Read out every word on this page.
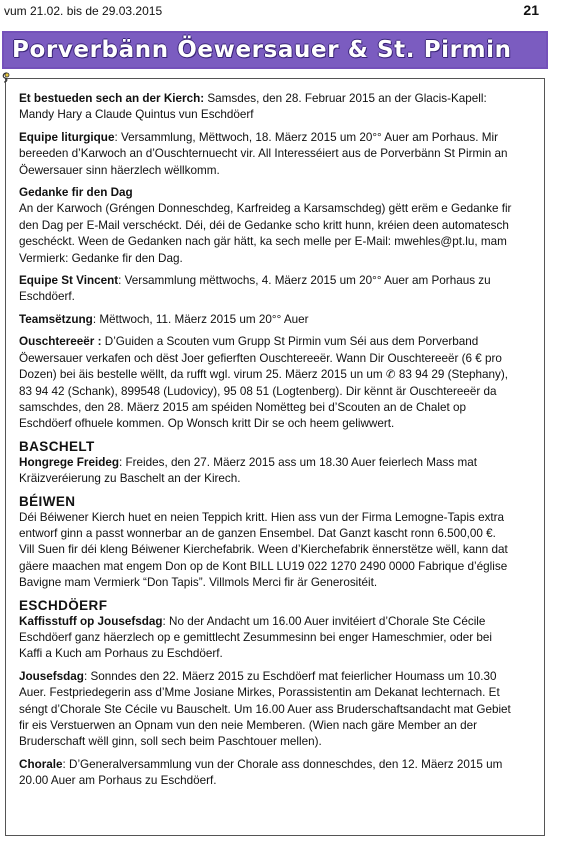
vum 21.02. bis de 29.03.2015	21
Porverbänn Öewersauer & St. Pirmin
Et bestueden sech an der Kierch: Samsdes, den 28. Februar 2015 an der Glacis-Kapell:
Mandy Hary a Claude Quintus vun Eschdöerf
Equipe liturgique: Versammlung, Mëttwoch, 18. Mäerz 2015 um 20°° Auer am Porhaus. Mir
bereeden d’Karwoch an d’Ouschternuecht vir. All Interesséiert aus de Porverbänn St Pirmin an
Öewersauer sinn häerzlech wëllkomm.
Gedanke fir den Dag
An der Karwoch (Gréngen Donneschdeg, Karfreideg a Karsamschdeg) gëtt erëm e Gedanke fir
den Dag per E-Mail verschéckt. Déi, déi de Gedanke scho kritt hunn, kréien deen automatesch
geschéckt. Ween de Gedanken nach gär hätt, ka sech melle per E-Mail: mwehles@pt.lu, mam
Vermierk: Gedanke fir den Dag.
Equipe St Vincent: Versammlung mëttwochs, 4. Mäerz 2015 um 20°° Auer am Porhaus zu
Eschdöerf.
Teamsëtzung: Mëttwoch, 11. Mäerz 2015 um 20°° Auer
Ouschtereeër : D’Guiden a Scouten vum Grupp St Pirmin vum Séi aus dem Porverband
Öewersauer verkafen och dëst Joer gefierften Ouschtereeër. Wann Dir Ouschtereeër (6 € pro
Dozen) bei äis bestelle wëllt, da rufft wgl. virum 25. Mäerz 2015 un um ✆ 83 94 29 (Stephany),
83 94 42 (Schank), 899548 (Ludovicy), 95 08 51 (Logtenberg). Dir kënnt är Ouschtereeër da
samschdes, den 28. Mäerz 2015 am spéiden Nomëtteg bei d’Scouten an de Chalet op
Eschdöerf ofhuele kommen. Op Wonsch kritt Dir se och heem geliwwert.
BASCHELT
Hongrege Freideg: Freides, den 27. Mäerz 2015 ass um 18.30 Auer feierlech Mass mat
Kräizveréierung zu Baschelt an der Kirech.
BÉIWEN
Déi Béiwener Kierch huet en neien Teppich kritt. Hien ass vun der Firma Lemogne-Tapis extra
entworf ginn a passt wonnerbar an de ganzen Ensembel. Dat Ganzt kascht ronn 6.500,00 €.
Vill Suen fir déi kleng Béiwener Kierchefabrik. Ween d’Kierchefabrik ënnerstëtze wëll, kann dat
gäere maachen mat engem Don op de Kont BILL LU19 022 1270 2490 0000 Fabrique d’église
Bavigne mam Vermierk “Don Tapis”. Villmols Merci fir är Generositéit.
ESCHDÖERF
Kaffisstuff op Jousefsdag: No der Andacht um 16.00 Auer invitéiert d’Chorale Ste Cécile
Eschdöerf ganz häerzlech op e gemittlecht Zesummesinn bei enger Hameschmier, oder bei
Kaffi a Kuch am Porhaus zu Eschdöerf.
Jousefsdag: Sonndes den 22. Mäerz 2015 zu Eschdöerf mat feierlicher Houmass um 10.30
Auer. Festpriedegerin ass d’Mme Josiane Mirkes, Porassistentin am Dekanat Iechternach. Et
séngt d’Chorale Ste Cécile vu Bauschelt. Um 16.00 Auer ass Bruderschaftsandacht mat Gebiet
fir eis Verstuerwen an Opnam vun den neie Memberen. (Wien nach gäre Member an der
Bruderschaft wëll ginn, soll sech beim Paschtouer mellen).
Chorale: D’Generalversammlung vun der Chorale ass donneschdes, den 12. Mäerz 2015 um
20.00 Auer am Porhaus zu Eschdöerf.
